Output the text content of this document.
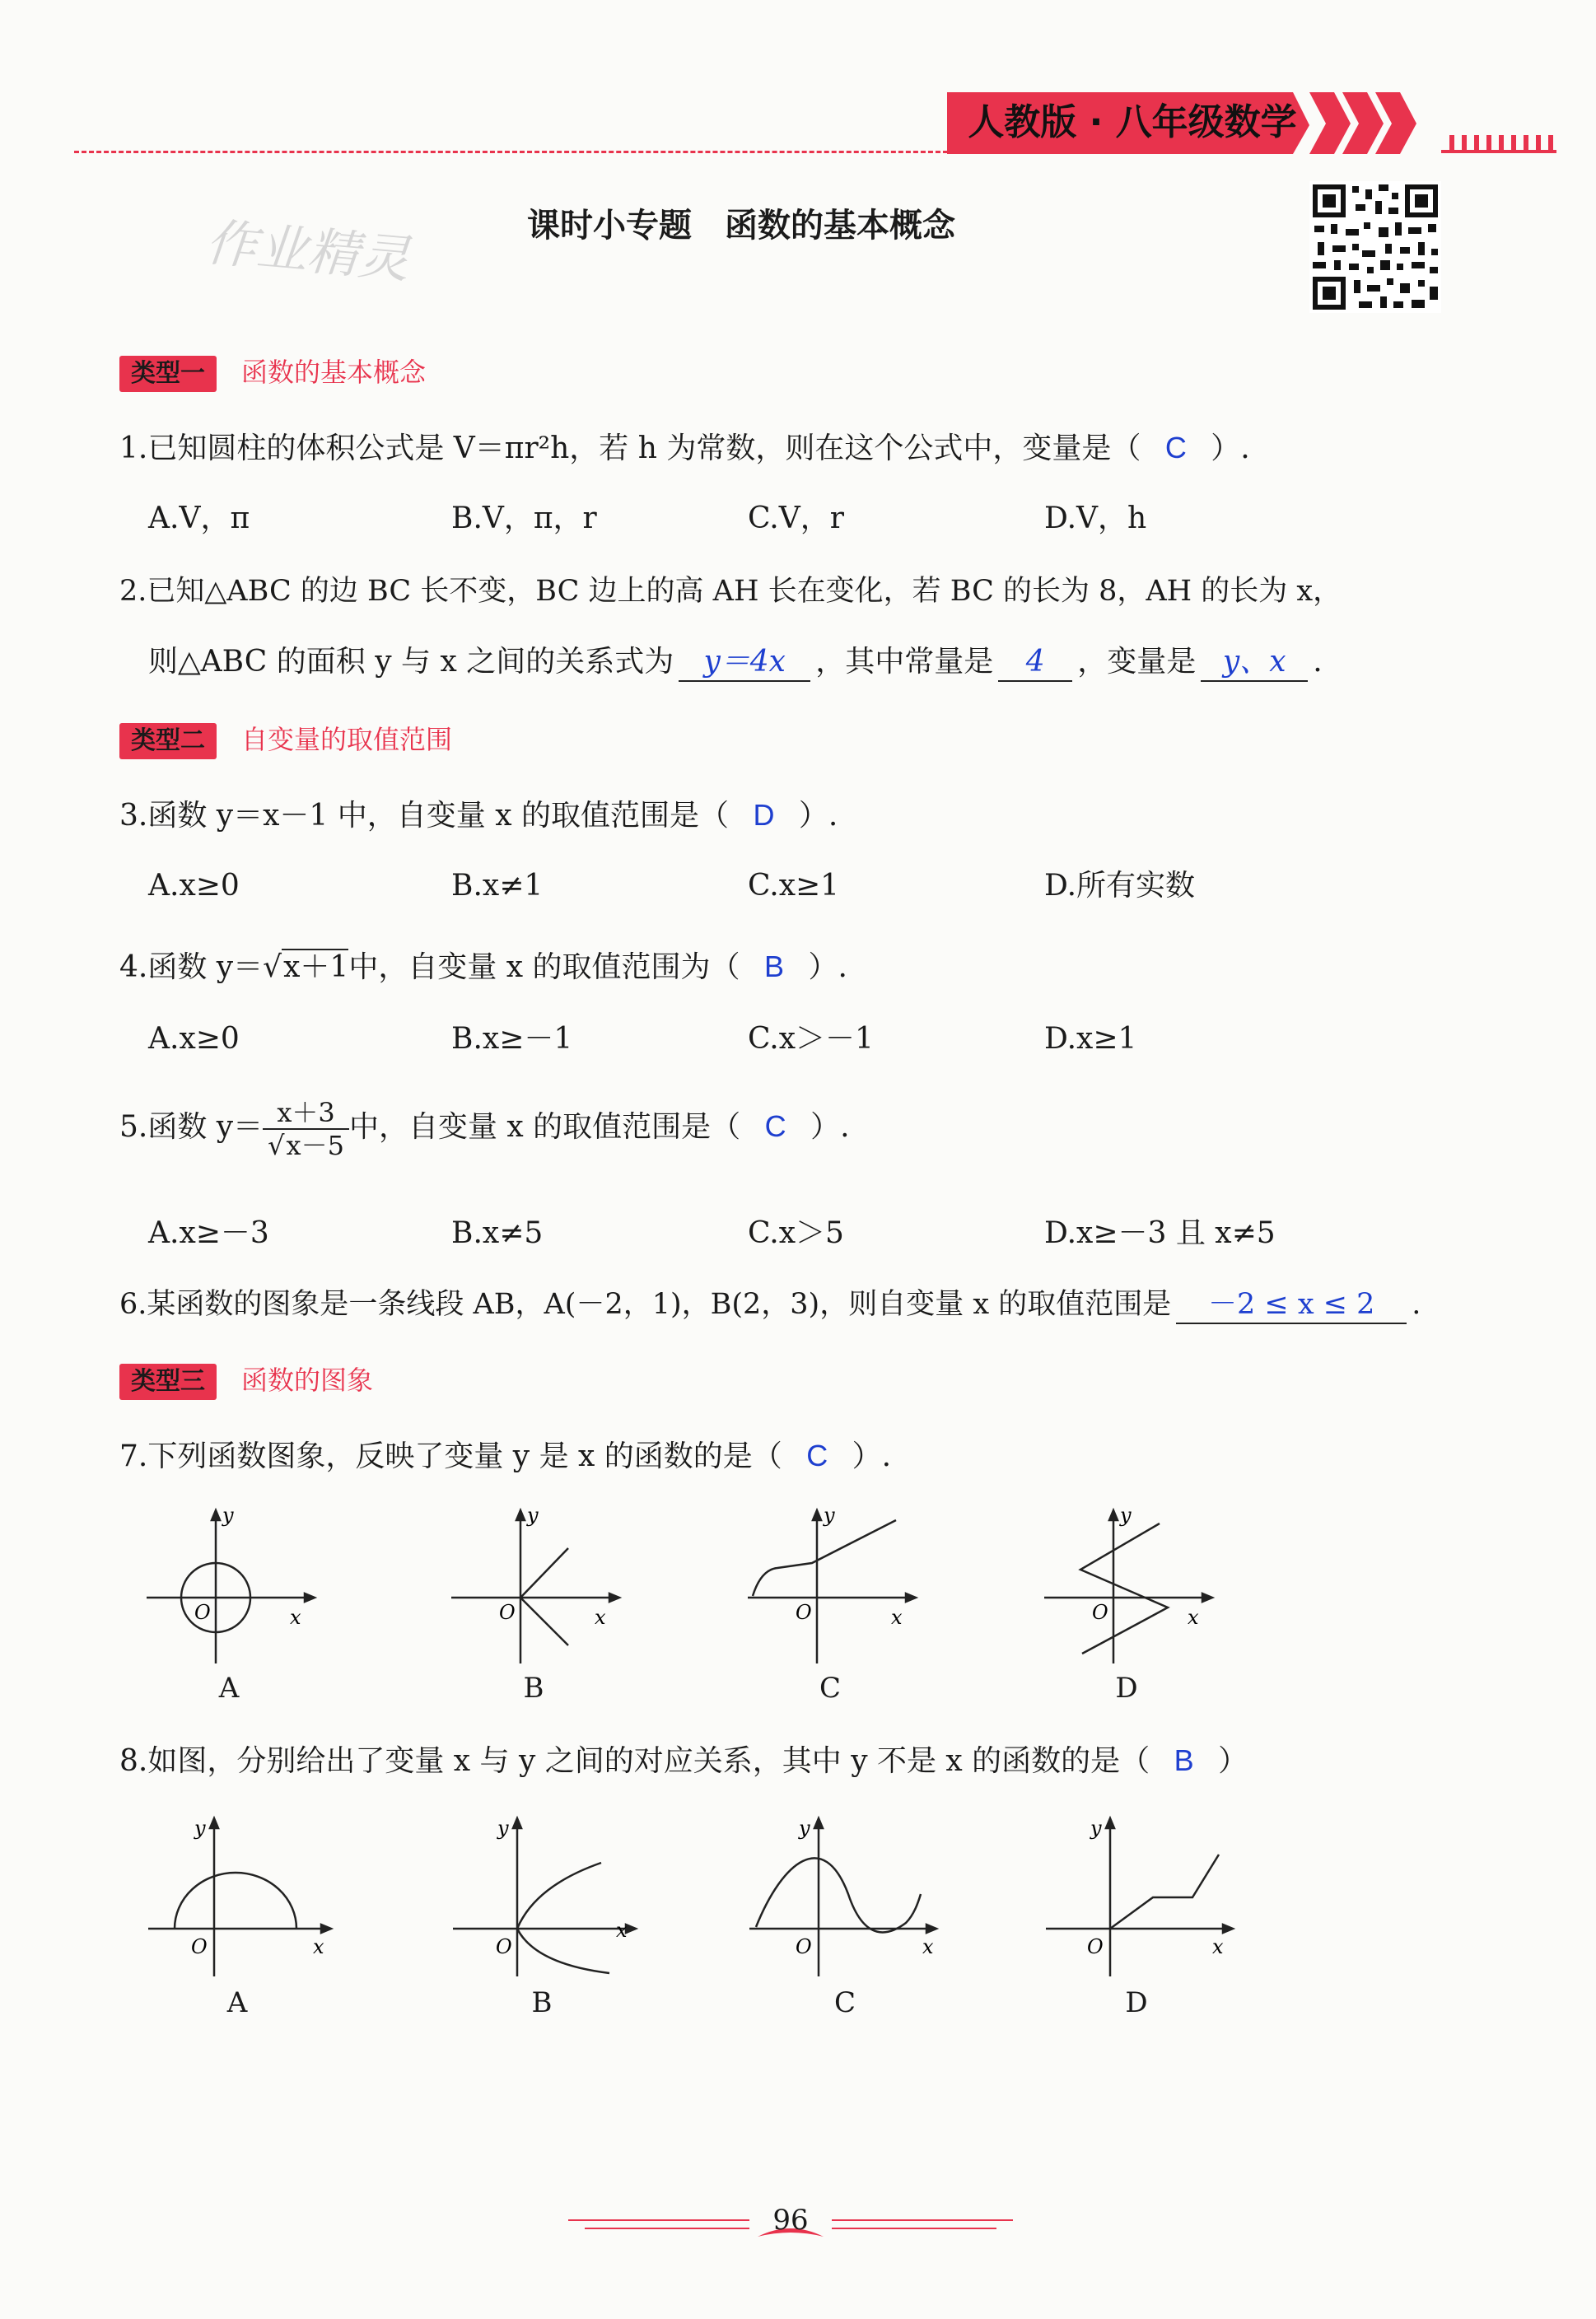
人教版 · 八年级数学
作业精灵	课时小专题　函数的基本概念
类型一 函数的基本概念
1.已知圆柱的体积公式是 V＝πr²h，若 h 为常数，则在这个公式中，变量是（ C ）.
A.V，π	B.V，π，r	C.V，r	D.V，h
2.已知△ABC 的边 BC 长不变，BC 边上的高 AH 长在变化，若 BC 的长为 8，AH 的长为 x，
则△ABC 的面积 y 与 x 之间的关系式为 y＝4x ，其中常量是 4 ，变量是 y、x .
类型二 自变量的取值范围
3.函数 y＝x－1 中，自变量 x 的取值范围是（ D ）.
A.x≥0	B.x≠1	C.x≥1	D.所有实数
4.函数 y＝√x＋1中，自变量 x 的取值范围为（ B ）.
A.x≥0	B.x≥－1	C.x＞－1	D.x≥1
5.函数 $y= \frac{x+3}{√x-5}$ 中，自变量 x 的取值范围是（ C ）.
A.x≥－3	B.x≠5	C.x＞5	D.x≥－3 且 x≠5
6.某函数的图象是一条线段 AB，A(－2，1)，B(2，3)，则自变量 x 的取值范围是 －2 ≤ x ≤ 2 .
类型三 函数的图象
7.下列函数图象，反映了变量 y 是 x 的函数的是（ C ）.
y
x
O
y
x
O
y
x
O
y
x
O
A	B	C	D
8.如图，分别给出了变量 x 与 y 之间的对应关系，其中 y 不是 x 的函数的是（ B ）
y
x
O
y
x
O
y
x
O
y
x
O
A	B	C	D
96
